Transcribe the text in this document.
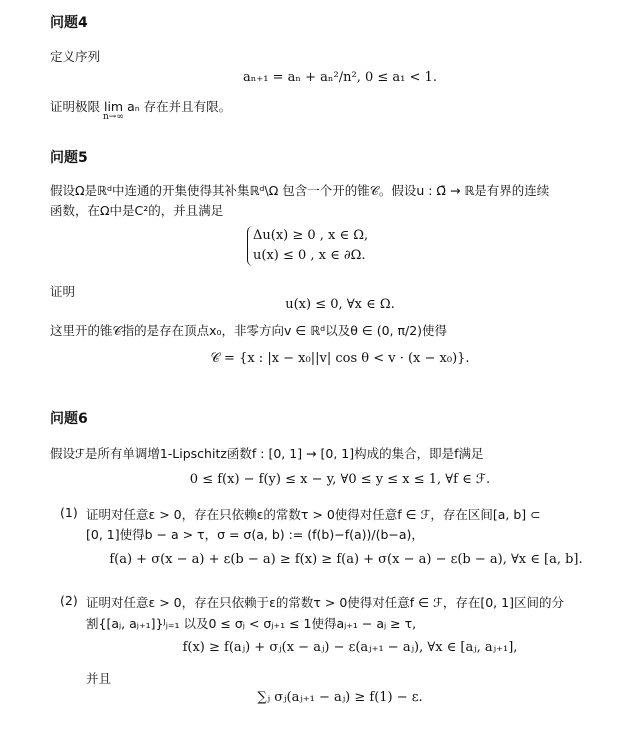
问题4
定义序列
aₙ₊₁ = aₙ + aₙ²/n², 0 ≤ a₁ < 1.
证明极限 lim aₙ 存在并且有限。
n→∞
问题5
假设Ω是ℝᵈ中连通的开集使得其补集ℝᵈ\Ω 包含一个开的锥𝒞。假设u : Ω̄ → ℝ是有界的连续
函数，在Ω中是C²的，并且满足
Δu(x) ≥ 0 , x ∈ Ω,
u(x) ≤ 0 , x ∈ ∂Ω.
证明
u(x) ≤ 0, ∀x ∈ Ω.
这里开的锥𝒞指的是存在顶点x₀，非零方向v ∈ ℝᵈ以及θ ∈ (0, π/2)使得
𝒞 = {x : |x − x₀||v| cos θ < v · (x − x₀)}.
问题6
假设ℱ是所有单调增1-Lipschitz函数f : [0, 1] → [0, 1]构成的集合，即是f满足
0 ≤ f(x) − f(y) ≤ x − y, ∀0 ≤ y ≤ x ≤ 1, ∀f ∈ ℱ.
(1) 证明对任意ε > 0，存在只依赖ε的常数τ > 0使得对任意f ∈ ℱ，存在区间[a, b] ⊂
[0, 1]使得b − a > τ，σ = σ(a, b) := (f(b)−f(a))/(b−a)，
f(a) + σ(x − a) + ε(b − a) ≥ f(x) ≥ f(a) + σ(x − a) − ε(b − a), ∀x ∈ [a, b].
(2) 证明对任意ε > 0，存在只依赖于ε的常数τ > 0使得对任意f ∈ ℱ，存在[0, 1]区间的分
割{[aⱼ, aⱼ₊₁]}ᴶⱼ₌₁ 以及0 ≤ σⱼ < σⱼ₊₁ ≤ 1使得aⱼ₊₁ − aⱼ ≥ τ,
f(x) ≥ f(aⱼ) + σⱼ(x − aⱼ) − ε(aⱼ₊₁ − aⱼ), ∀x ∈ [aⱼ, aⱼ₊₁],
并且
∑ⱼ σⱼ(aⱼ₊₁ − aⱼ) ≥ f(1) − ε.
